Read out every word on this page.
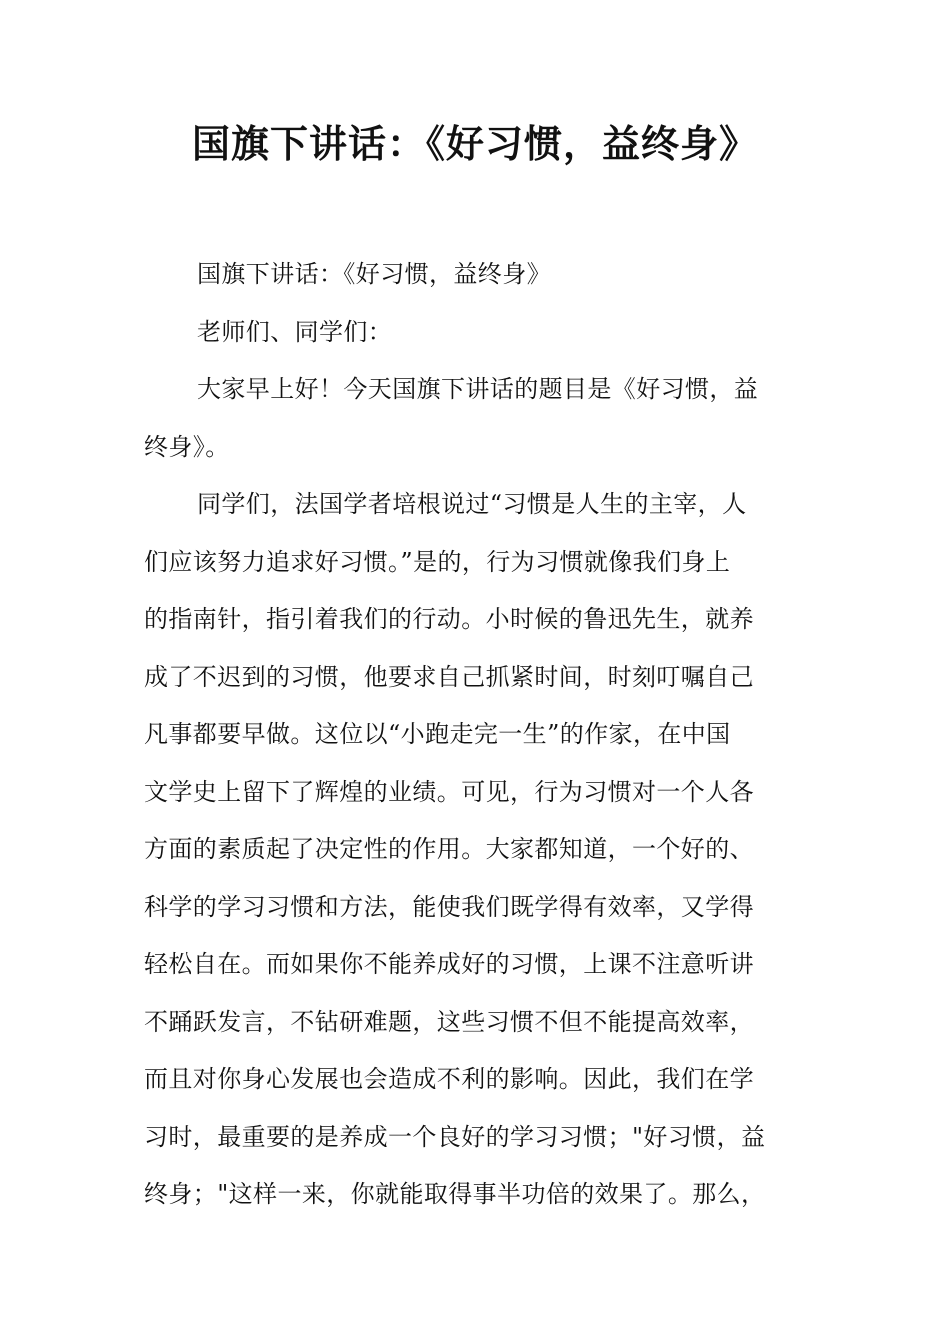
国旗下讲话：《好习惯，益终身》
国旗下讲话：《好习惯，益终身》
老师们、同学们：
大家早上好！今天国旗下讲话的题目是《好习惯，益
终身》。
同学们，法国学者培根说过“习惯是人生的主宰，人
们应该努力追求好习惯。”是的，行为习惯就像我们身上
的指南针，指引着我们的行动。小时候的鲁迅先生，就养
成了不迟到的习惯，他要求自己抓紧时间，时刻叮嘱自己
凡事都要早做。这位以“小跑走完一生”的作家，在中国
文学史上留下了辉煌的业绩。可见，行为习惯对一个人各
方面的素质起了决定性的作用。大家都知道，一个好的、
科学的学习习惯和方法，能使我们既学得有效率，又学得
轻松自在。而如果你不能养成好的习惯，上课不注意听讲
不踊跃发言，不钻研难题，这些习惯不但不能提高效率，
而且对你身心发展也会造成不利的影响。因此，我们在学
习时，最重要的是养成一个良好的学习习惯；"好习惯，益
终身；"这样一来，你就能取得事半功倍的效果了。那么，
